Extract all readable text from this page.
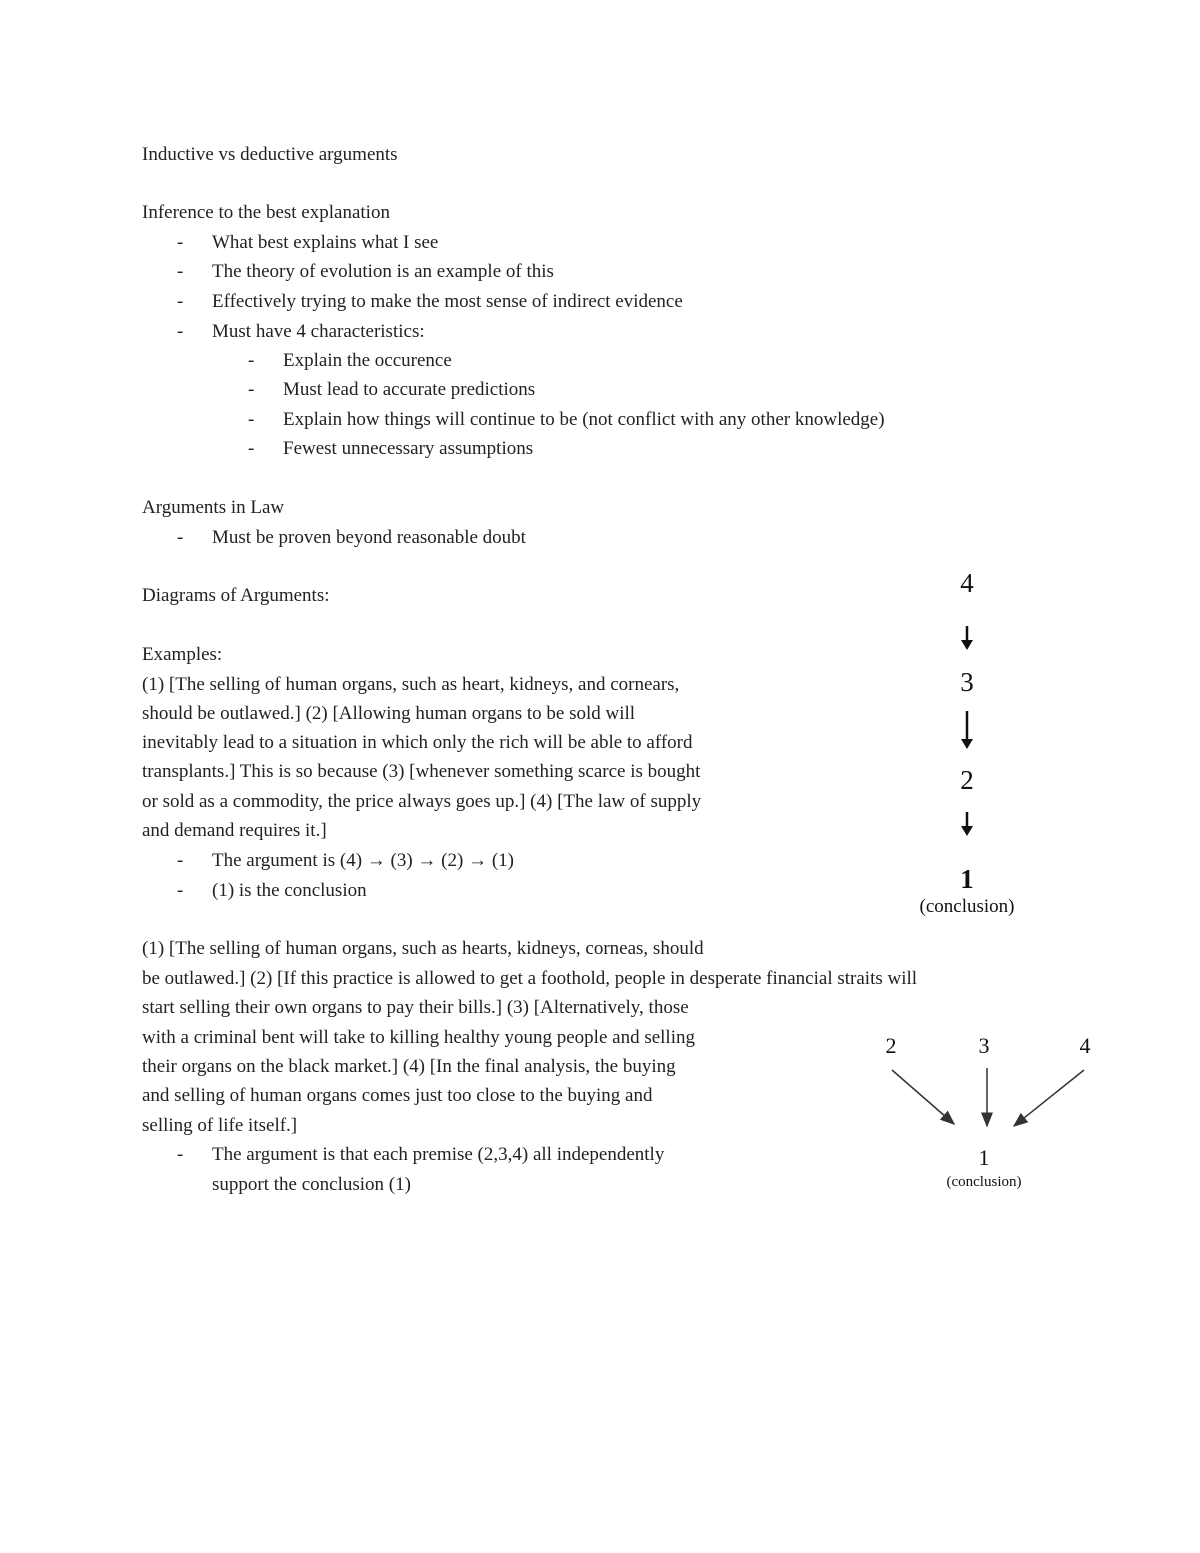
Inductive vs deductive arguments
Inference to the best explanation
- What best explains what I see
- The theory of evolution is an example of this
- Effectively trying to make the most sense of indirect evidence
- Must have 4 characteristics:
- Explain the occurence
- Must lead to accurate predictions
- Explain how things will continue to be (not conflict with any other knowledge)
- Fewest unnecessary assumptions
Arguments in Law
- Must be proven beyond reasonable doubt
Diagrams of Arguments:
Examples:
(1) [The selling of human organs, such as heart, kidneys, and cornears,
should be outlawed.] (2) [Allowing human organs to be sold will
inevitably lead to a situation in which only the rich will be able to afford
transplants.] This is so because (3) [whenever something scarce is bought
or sold as a commodity, the price always goes up.] (4) [The law of supply
and demand requires it.]
- The argument is (4) → (3) → (2) → (1)
- (1) is the conclusion
4
3
2
1
(conclusion)
(1) [The selling of human organs, such as hearts, kidneys, corneas, should
be outlawed.] (2) [If this practice is allowed to get a foothold, people in desperate financial straits will
start selling their own organs to pay their bills.] (3) [Alternatively, those
with a criminal bent will take to killing healthy young people and selling
their organs on the black market.] (4) [In the final analysis, the buying
and selling of human organs comes just too close to the buying and
selling of life itself.]
- The argument is that each premise (2,3,4) all independently
support the conclusion (1)
2	3	4
1
(conclusion)
